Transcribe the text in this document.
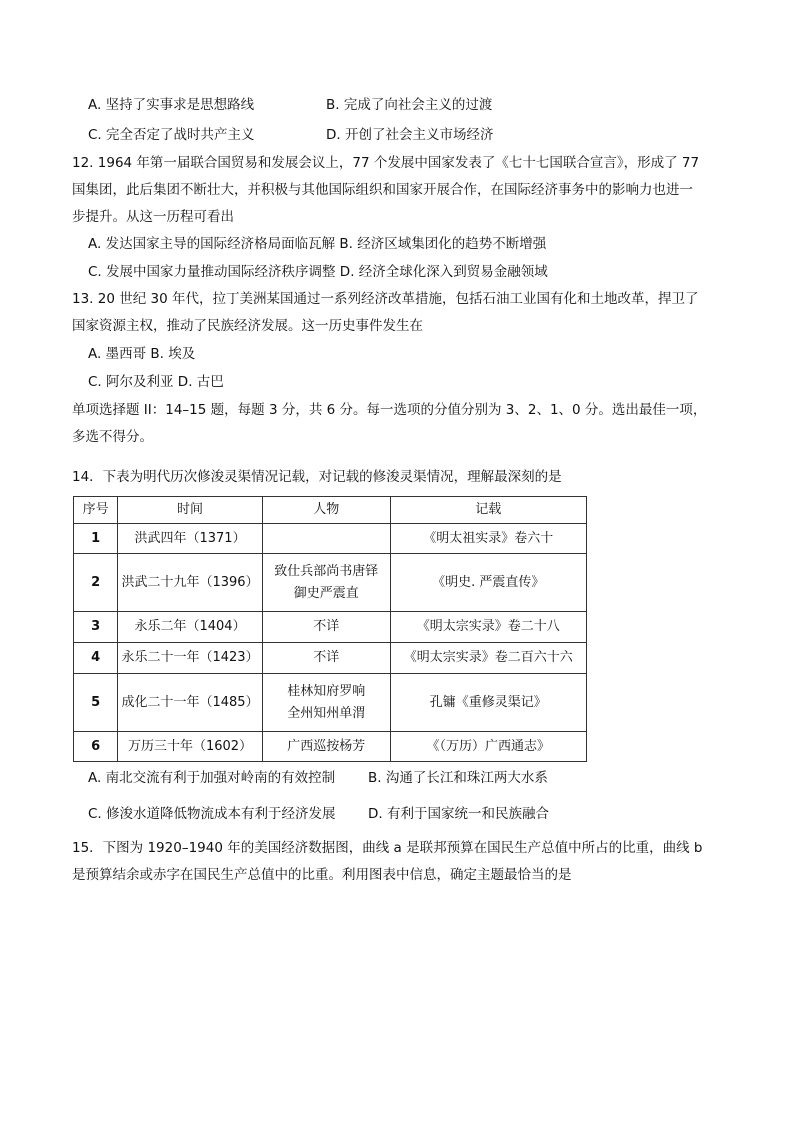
A. 坚持了实事求是思想路线	B. 完成了向社会主义的过渡
C. 完全否定了战时共产主义	D. 开创了社会主义市场经济
12. 1964 年第一届联合国贸易和发展会议上，77 个发展中国家发表了《七十七国联合宣言》，形成了 77
国集团，此后集团不断壮大，并积极与其他国际组织和国家开展合作，在国际经济事务中的影响力也进一
步提升。从这一历程可看出
A. 发达国家主导的国际经济格局面临瓦解 B. 经济区域集团化的趋势不断增强
C. 发展中国家力量推动国际经济秩序调整 D. 经济全球化深入到贸易金融领域
13. 20 世纪 30 年代，拉丁美洲某国通过一系列经济改革措施，包括石油工业国有化和土地改革，捍卫了
国家资源主权，推动了民族经济发展。这一历史事件发生在
A. 墨西哥 B. 埃及
C. 阿尔及利亚 D. 古巴
单项选择题 II：14–15 题，每题 3 分，共 6 分。每一选项的分值分别为 3、2、1、0 分。选出最佳一项，
多选不得分。
14．下表为明代历次修浚灵渠情况记载，对记载的修浚灵渠情况，理解最深刻的是
序号	时间	人物	记载
1	洪武四年（1371）		《明太祖实录》卷六十
2	洪武二十九年（1396）	致仕兵部尚书唐铎
御史严震直	《明史. 严震直传》
3	永乐二年（1404）	不详	《明太宗实录》卷二十八
4	永乐二十一年（1423）	不详	《明太宗实录》卷二百六十六
5	成化二十一年（1485）	桂林知府罗响
全州知州单渭	孔镛《重修灵渠记》
6	万历三十年（1602）	广西巡按杨芳	《（万历）广西通志》
A. 南北交流有利于加强对岭南的有效控制 B. 沟通了长江和珠江两大水系
C. 修浚水道降低物流成本有利于经济发展 D. 有利于国家统一和民族融合
15．下图为 1920–1940 年的美国经济数据图，曲线 a 是联邦预算在国民生产总值中所占的比重，曲线 b
是预算结余或赤字在国民生产总值中的比重。利用图表中信息，确定主题最恰当的是
